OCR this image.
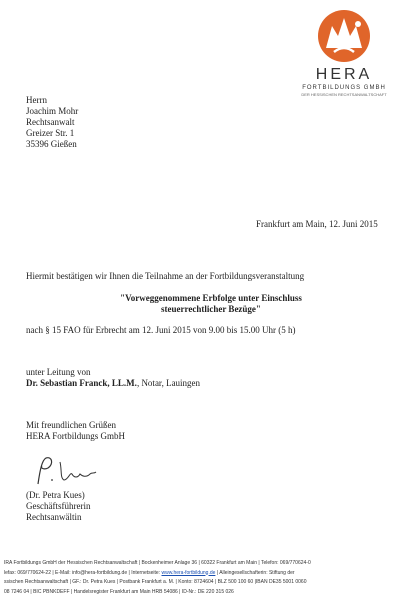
HERA
FORTBILDUNGS GMBH
DER HESSISCHEN RECHTSANWALTSCHAFT
Herrn
Joachim Mohr
Rechtsanwalt
Greizer Str. 1
35396 Gießen
Frankfurt am Main, 12. Juni 2015
Hiermit bestätigen wir Ihnen die Teilnahme an der Fortbildungsveranstaltung
"Vorweggenommene Erbfolge unter Einschluss
steuerrechtlicher Bezüge"
nach § 15 FAO für Erbrecht am 12. Juni 2015 von 9.00 bis 15.00 Uhr (5 h)
unter Leitung von
Dr. Sebastian Franck, LL.M., Notar, Lauingen
Mit freundlichen Grüßen
HERA Fortbildungs GmbH
(Dr. Petra Kues)
Geschäftsführerin
Rechtsanwältin
IRA Fortbildungs GmbH der Hessischen Rechtsanwaltschaft | Bockenheimer Anlage 36 | 60322 Frankfurt am Main | Telefon: 069/770624-0
lefax: 069/770624-22 | E-Mail: info@hera-fortbildung.de | Internetseite: www.hera-fortbildung.de | Alleingesellschafterin: Stiftung der
ssischen Rechtsanwaltschaft | GF.: Dr. Petra Kues | Postbank Frankfurt a. M. | Konto: 8724604 | BLZ 500 100 60 |IBAN DE35 5001 0060
08 7246 04 | BIC PBNKDEFF | Handelsregister Frankfurt am Main HRB 54086 | ID-Nr.: DE 220 315 026
